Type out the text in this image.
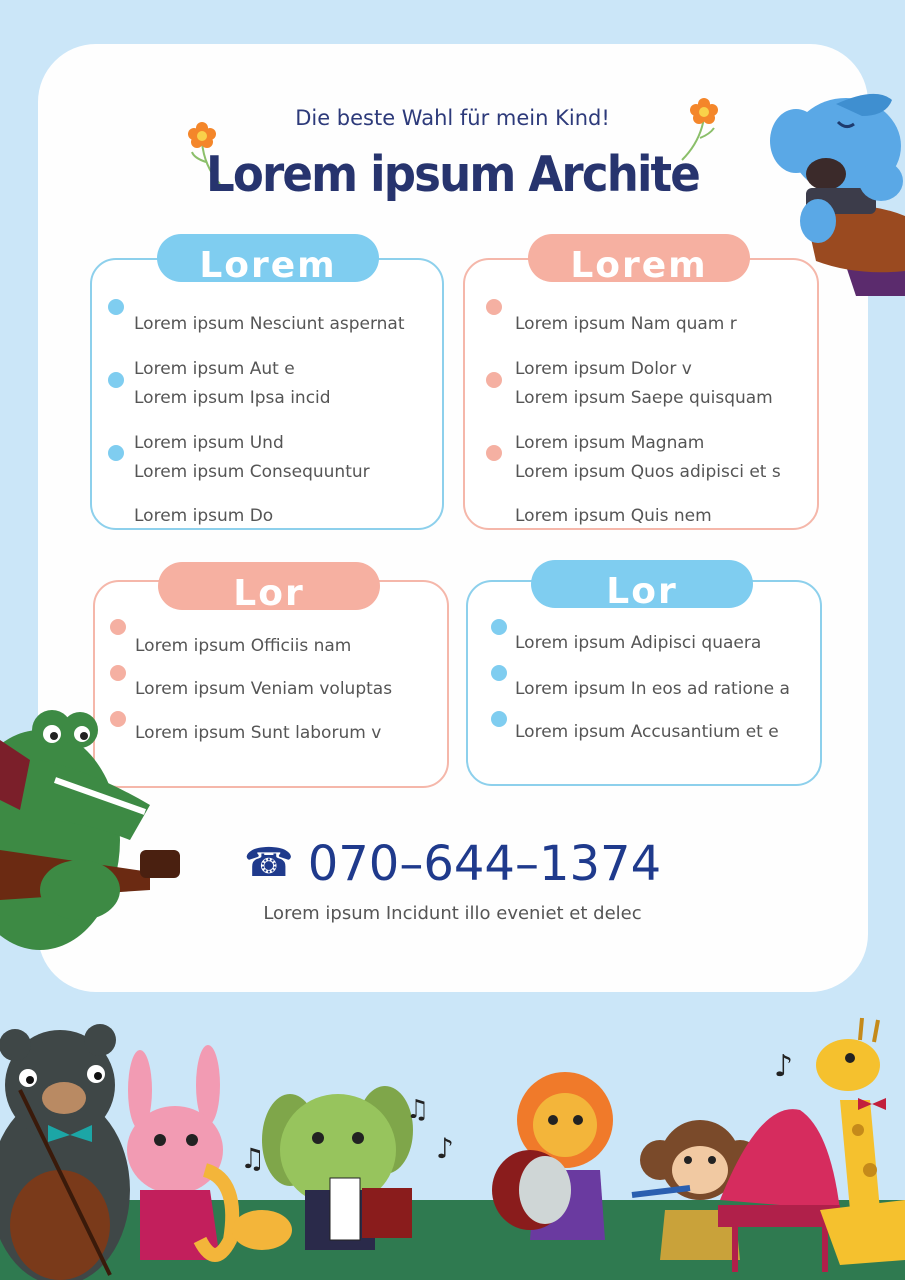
Die beste Wahl für mein Kind!
Lorem ipsum Archite
Lorem
Lorem ipsum Nesciunt aspernat
Lorem ipsum Aut e
Lorem ipsum Ipsa incid
Lorem ipsum Und
Lorem ipsum Consequuntur
Lorem ipsum Do
Lorem
Lorem ipsum Nam quam r
Lorem ipsum Dolor v
Lorem ipsum Saepe quisquam
Lorem ipsum Magnam
Lorem ipsum Quos adipisci et s
Lorem ipsum Quis nem
Lor
Lorem ipsum Officiis nam
Lorem ipsum Veniam voluptas
Lorem ipsum Sunt laborum v
Lor
Lorem ipsum Adipisci quaera
Lorem ipsum In eos ad ratione a
Lorem ipsum Accusantium et e
☎ 070–644–1374
Lorem ipsum Incidunt illo eveniet et delec
♫
♫
♪
♪
